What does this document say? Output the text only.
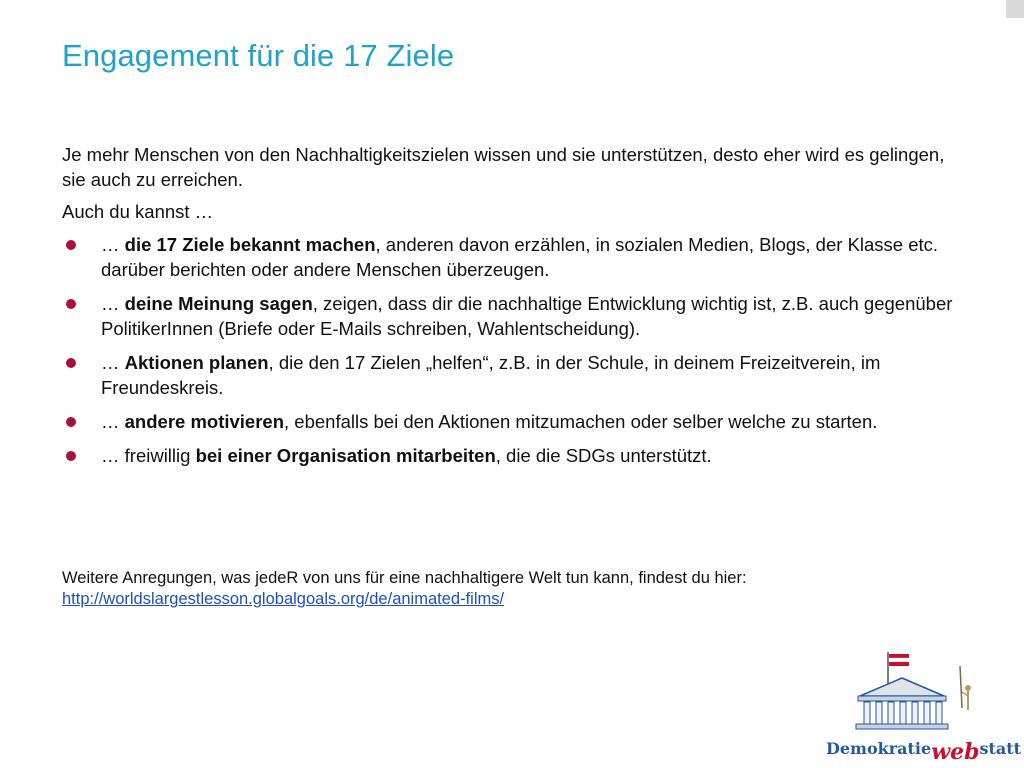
Engagement für die 17 Ziele

Je mehr Menschen von den Nachhaltigkeitszielen wissen und sie unterstützen, desto eher wird es gelingen, sie auch zu erreichen.

Auch du kannst …

… die 17 Ziele bekannt machen, anderen davon erzählen, in sozialen Medien, Blogs, der Klasse etc. darüber berichten oder andere Menschen überzeugen.
… deine Meinung sagen, zeigen, dass dir die nachhaltige Entwicklung wichtig ist, z.B. auch gegenüber PolitikerInnen (Briefe oder E-Mails schreiben, Wahlentscheidung).
… Aktionen planen, die den 17 Zielen „helfen“, z.B. in der Schule, in deinem Freizeitverein, im Freundeskreis.
… andere motivieren, ebenfalls bei den Aktionen mitzumachen oder selber welche zu starten.
… freiwillig bei einer Organisation mitarbeiten, die die SDGs unterstützt.

Weitere Anregungen, was jedeR von uns für eine nachhaltigere Welt tun kann, findest du hier:

http://worldslargestlesson.globalgoals.org/de/animated-films/

Demokratiewebstatt
